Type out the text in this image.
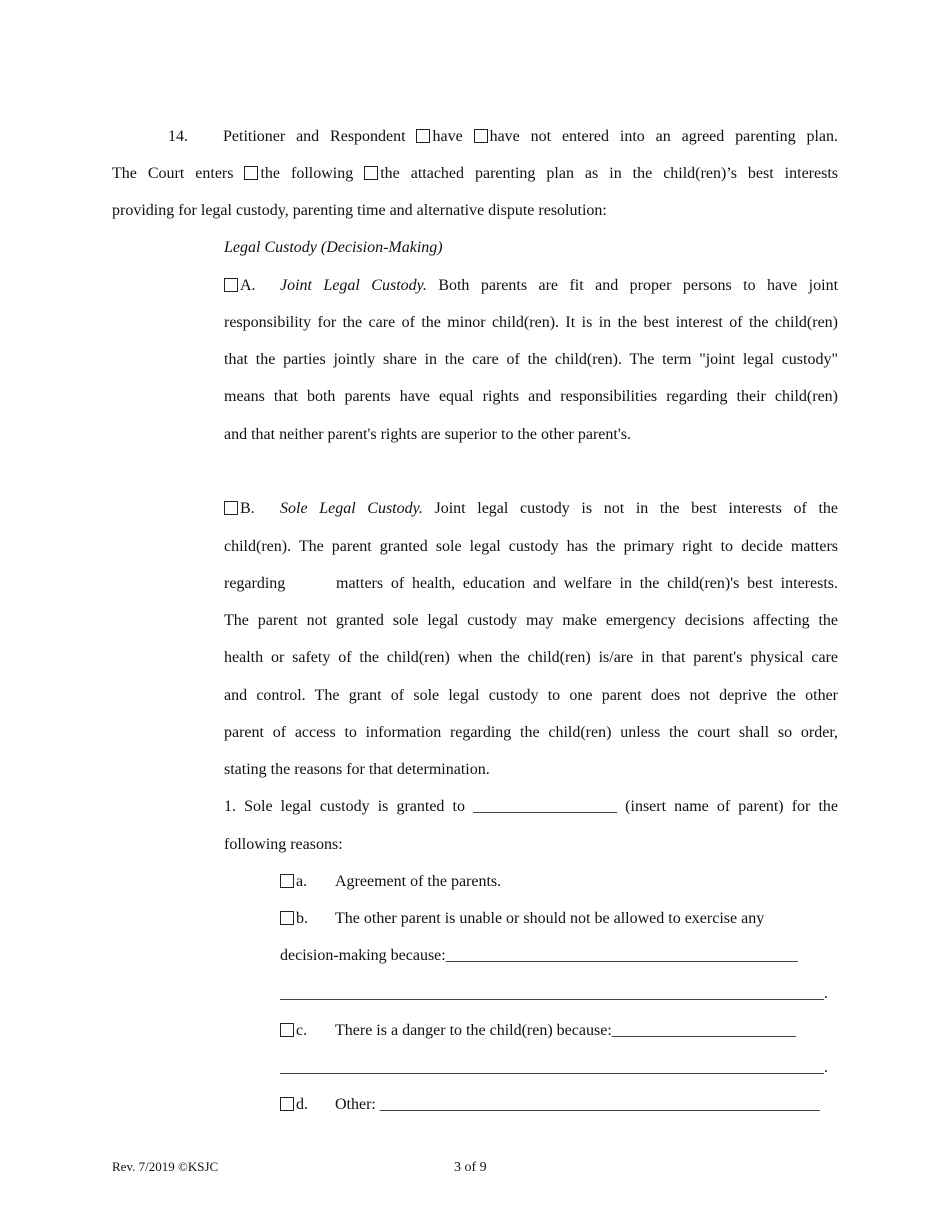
14. Petitioner and Respondent have have not entered into an agreed parenting plan.
The Court enters the following the attached parenting plan as in the child(ren)’s best interests
providing for legal custody, parenting time and alternative dispute resolution:
Legal Custody (Decision-Making)
A. Joint Legal Custody. Both parents are fit and proper persons to have joint
responsibility for the care of the minor child(ren). It is in the best interest of the child(ren)
that the parties jointly share in the care of the child(ren). The term "joint legal custody"
means that both parents have equal rights and responsibilities regarding their child(ren)
and that neither parent's rights are superior to the other parent's.
B. Sole Legal Custody. Joint legal custody is not in the best interests of the
child(ren). The parent granted sole legal custody has the primary right to decide matters
regarding	matters of health, education and welfare in the child(ren)'s best interests.
The parent not granted sole legal custody may make emergency decisions affecting the
health or safety of the child(ren) when the child(ren) is/are in that parent's physical care
and control. The grant of sole legal custody to one parent does not deprive the other
parent of access to information regarding the child(ren) unless the court shall so order,
stating the reasons for that determination.
1. Sole legal custody is granted to __________________ (insert name of parent) for the
following reasons:
a. Agreement of the parents.
b. The other parent is unable or should not be allowed to exercise any
decision-making because:____________________________________________
____________________________________________________________________.
c. There is a danger to the child(ren) because:_______________________
____________________________________________________________________.
d. Other: _______________________________________________________
Rev. 7/2019 ©KSJC	3 of 9
